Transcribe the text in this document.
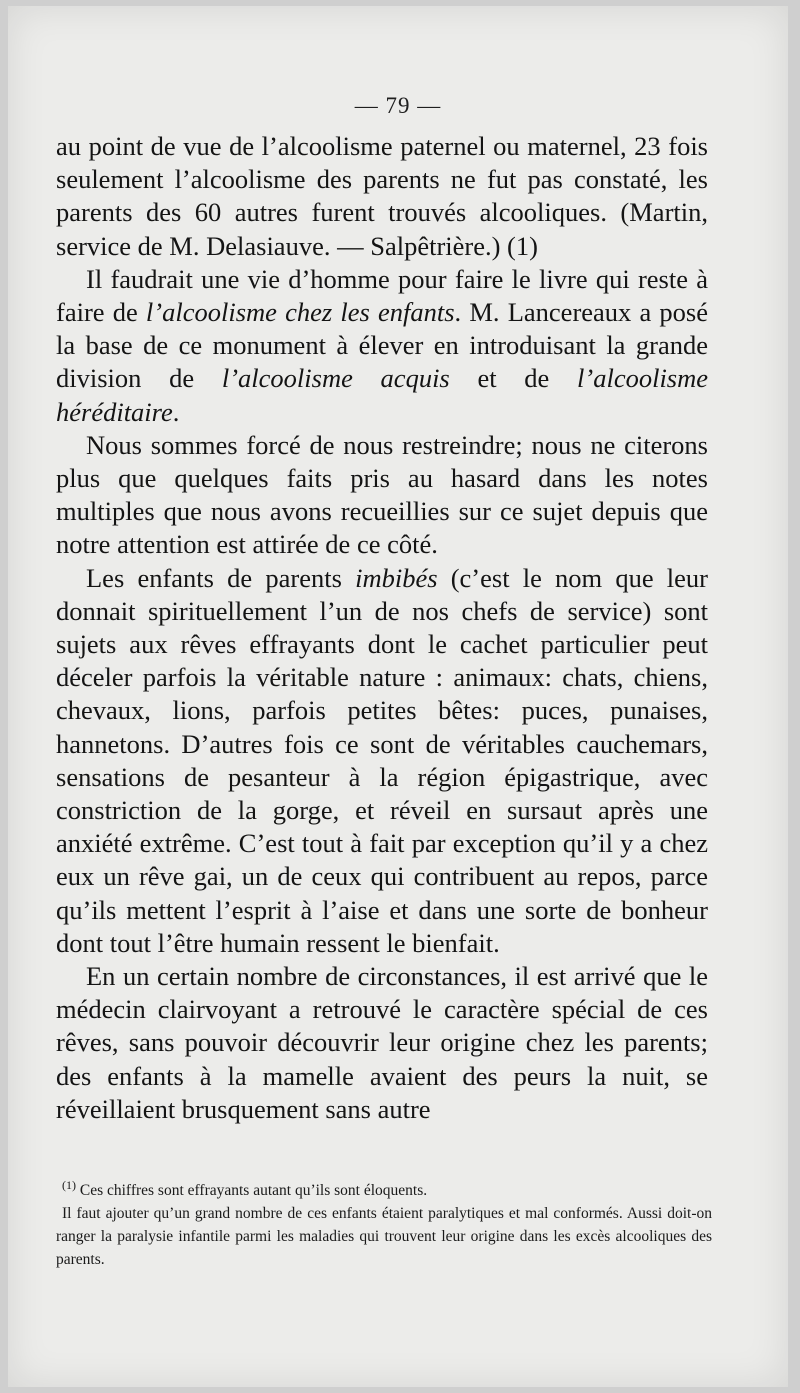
— 79 —

au point de vue de l’alcoolisme paternel ou maternel, 23 fois seulement l’alcoolisme des parents ne fut pas constaté, les parents des 60 autres furent trouvés alcooliques. (Martin, service de M. Delasiauve. — Salpêtrière.) (1)

Il faudrait une vie d’homme pour faire le livre qui reste à faire de l’alcoolisme chez les enfants. M. Lancereaux a posé la base de ce monument à élever en introduisant la grande division de l’alcoolisme acquis et de l’alcoolisme héréditaire.

Nous sommes forcé de nous restreindre; nous ne citerons plus que quelques faits pris au hasard dans les notes multiples que nous avons recueillies sur ce sujet depuis que notre attention est attirée de ce côté.

Les enfants de parents imbibés (c’est le nom que leur donnait spirituellement l’un de nos chefs de service) sont sujets aux rêves effrayants dont le cachet particulier peut déceler parfois la véritable nature : animaux: chats, chiens, chevaux, lions, parfois petites bêtes: puces, punaises, hannetons. D’autres fois ce sont de véritables cauchemars, sensations de pesanteur à la région épigastrique, avec constriction de la gorge, et réveil en sursaut après une anxiété extrême. C’est tout à fait par exception qu’il y a chez eux un rêve gai, un de ceux qui contribuent au repos, parce qu’ils mettent l’esprit à l’aise et dans une sorte de bonheur dont tout l’être humain ressent le bienfait.

En un certain nombre de circonstances, il est arrivé que le médecin clairvoyant a retrouvé le caractère spécial de ces rêves, sans pouvoir découvrir leur origine chez les parents; des enfants à la mamelle avaient des peurs la nuit, se réveillaient brusquement sans autre

$^{(1)}$ Ces chiffres sont effrayants autant qu’ils sont éloquents.

Il faut ajouter qu’un grand nombre de ces enfants étaient paralytiques et mal conformés. Aussi doit-on ranger la paralysie infantile parmi les maladies qui trouvent leur origine dans les excès alcooliques des parents.
